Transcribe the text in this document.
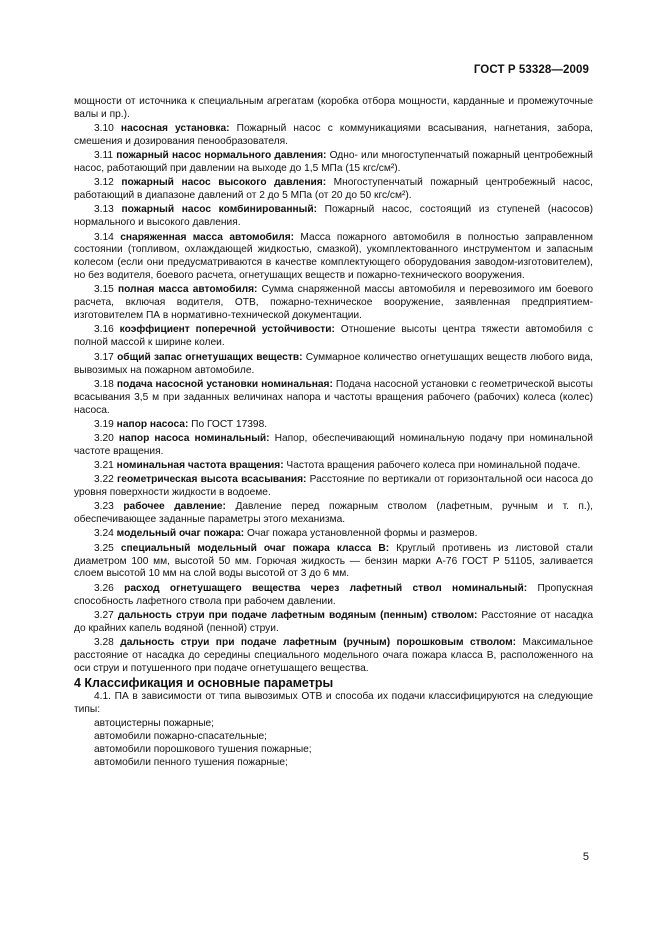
ГОСТ Р 53328—2009

мощности от источника к специальным агрегатам (коробка отбора мощности, карданные и промежуточные валы и пр.).

3.10 насосная установка: Пожарный насос с коммуникациями всасывания, нагнетания, забора, смешения и дозирования пенообразователя.

3.11 пожарный насос нормального давления: Одно- или многоступенчатый пожарный центробежный насос, работающий при давлении на выходе до 1,5 МПа (15 кгс/см²).

3.12 пожарный насос высокого давления: Многоступенчатый пожарный центробежный насос, работающий в диапазоне давлений от 2 до 5 МПа (от 20 до 50 кгс/см²).

3.13 пожарный насос комбинированный: Пожарный насос, состоящий из ступеней (насосов) нормального и высокого давления.

3.14 снаряженная масса автомобиля: Масса пожарного автомобиля в полностью заправленном состоянии (топливом, охлаждающей жидкостью, смазкой), укомплектованного инструментом и запасным колесом (если они предусматриваются в качестве комплектующего оборудования заводом-изготовителем), но без водителя, боевого расчета, огнетушащих веществ и пожарно-технического вооружения.

3.15 полная масса автомобиля: Сумма снаряженной массы автомобиля и перевозимого им боевого расчета, включая водителя, ОТВ, пожарно-техническое вооружение, заявленная предприятием-изготовителем ПА в нормативно-технической документации.

3.16 коэффициент поперечной устойчивости: Отношение высоты центра тяжести автомобиля с полной массой к ширине колеи.

3.17 общий запас огнетушащих веществ: Суммарное количество огнетушащих веществ любого вида, вывозимых на пожарном автомобиле.

3.18 подача насосной установки номинальная: Подача насосной установки с геометрической высоты всасывания 3,5 м при заданных величинах напора и частоты вращения рабочего (рабочих) колеса (колес) насоса.

3.19 напор насоса: По ГОСТ 17398.

3.20 напор насоса номинальный: Напор, обеспечивающий номинальную подачу при номинальной частоте вращения.

3.21 номинальная частота вращения: Частота вращения рабочего колеса при номинальной подаче.

3.22 геометрическая высота всасывания: Расстояние по вертикали от горизонтальной оси насоса до уровня поверхности жидкости в водоеме.

3.23 рабочее давление: Давление перед пожарным стволом (лафетным, ручным и т. п.), обеспечивающее заданные параметры этого механизма.

3.24 модельный очаг пожара: Очаг пожара установленной формы и размеров.

3.25 специальный модельный очаг пожара класса В: Круглый противень из листовой стали диаметром 100 мм, высотой 50 мм. Горючая жидкость — бензин марки А-76 ГОСТ Р 51105, заливается слоем высотой 10 мм на слой воды высотой от 3 до 6 мм.

3.26 расход огнетушащего вещества через лафетный ствол номинальный: Пропускная способность лафетного ствола при рабочем давлении.

3.27 дальность струи при подаче лафетным водяным (пенным) стволом: Расстояние от насадка до крайних капель водяной (пенной) струи.

3.28 дальность струи при подаче лафетным (ручным) порошковым стволом: Максимальное расстояние от насадка до середины специального модельного очага пожара класса В, расположенного на оси струи и потушенного при подаче огнетушащего вещества.

4 Классификация и основные параметры

4.1. ПА в зависимости от типа вывозимых ОТВ и способа их подачи классифицируются на следующие типы:

автоцистерны пожарные;
автомобили пожарно-спасательные;
автомобили порошкового тушения пожарные;
автомобили пенного тушения пожарные;
5
